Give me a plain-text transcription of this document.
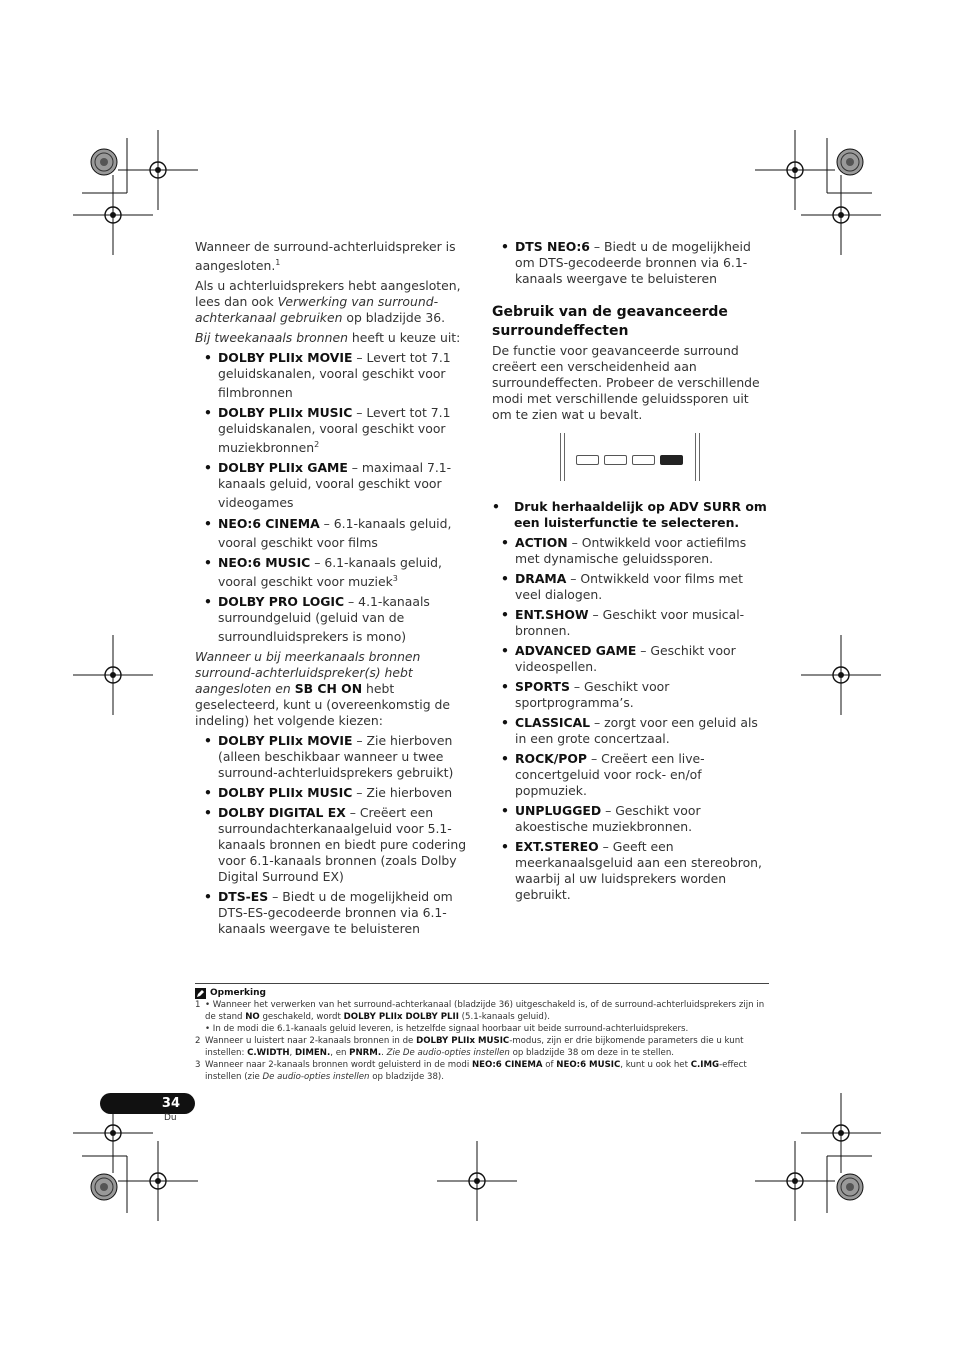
Wanneer de surround-achterluidspreker is aangesloten.$^1$

Als u achterluidsprekers hebt aangesloten, lees dan ook Verwerking van surround-achterkanaal gebruiken op bladzijde 36.

Bij tweekanaals bronnen heeft u keuze uit:

• DOLBY PLIIx MOVIE – Levert tot 7.1 geluidskanalen, vooral geschikt voor filmbronnen
• DOLBY PLIIx MUSIC – Levert tot 7.1 geluidskanalen, vooral geschikt voor muziekbronnen$^2$
• DOLBY PLIIx GAME – maximaal 7.1-kanaals geluid, vooral geschikt voor videogames
• NEO:6 CINEMA – 6.1-kanaals geluid, vooral geschikt voor films
• NEO:6 MUSIC – 6.1-kanaals geluid, vooral geschikt voor muziek$^3$
• DOLBY PRO LOGIC – 4.1-kanaals surroundgeluid (geluid van de surroundluidsprekers is mono)

Wanneer u bij meerkanaals bronnen surround-achterluidspreker(s) hebt aangesloten en SB CH ON hebt geselecteerd, kunt u (overeenkomstig de indeling) het volgende kiezen:

• DOLBY PLIIx MOVIE – Zie hierboven (alleen beschikbaar wanneer u twee surround-achterluidsprekers gebruikt)
• DOLBY PLIIx MUSIC – Zie hierboven
• DOLBY DIGITAL EX – Creëert een surroundachterkanaalgeluid voor 5.1-kanaals bronnen en biedt pure codering voor 6.1-kanaals bronnen (zoals Dolby Digital Surround EX)
• DTS-ES – Biedt u de mogelijkheid om DTS-ES-gecodeerde bronnen via 6.1-kanaals weergave te beluisteren
• DTS NEO:6 – Biedt u de mogelijkheid om DTS-gecodeerde bronnen via 6.1-kanaals weergave te beluisteren
Gebruik van de geavanceerde surroundeffecten

De functie voor geavanceerde surround creëert een verscheidenheid aan surroundeffecten. Probeer de verschillende modi met verschillende geluidssporen uit om te zien wat u bevalt.

• Druk herhaaldelijk op ADV SURR om een luisterfunctie te selecteren.

• ACTION – Ontwikkeld voor actiefilms met dynamische geluidssporen.
• DRAMA – Ontwikkeld voor films met veel dialogen.
• ENT.SHOW – Geschikt voor musical-bronnen.
• ADVANCED GAME – Geschikt voor videospellen.
• SPORTS – Geschikt voor sportprogramma’s.
• CLASSICAL – zorgt voor een geluid als in een grote concertzaal.
• ROCK/POP – Creëert een live-concertgeluid voor rock- en/of popmuziek.
• UNPLUGGED – Geschikt voor akoestische muziekbronnen.
• EXT.STEREO – Geeft een meerkanaalsgeluid aan een stereobron, waarbij al uw luidsprekers worden gebruikt.
Opmerking
1 • Wanneer het verwerken van het surround-achterkanaal (bladzijde 36) uitgeschakeld is, of de surround-achterluidsprekers zijn in de stand NO geschakeld, wordt DOLBY PLIIx DOLBY PLII (5.1-kanaals geluid).
• In de modi die 6.1-kanaals geluid leveren, is hetzelfde signaal hoorbaar uit beide surround-achterluidsprekers.
2 Wanneer u luistert naar 2-kanaals bronnen in de DOLBY PLIIx MUSIC-modus, zijn er drie bijkomende parameters die u kunt instellen: C.WIDTH, DIMEN., en PNRM.. Zie De audio-opties instellen op bladzijde 38 om deze in te stellen.
3 Wanneer naar 2-kanaals bronnen wordt geluisterd in de modi NEO:6 CINEMA of NEO:6 MUSIC, kunt u ook het C.IMG-effect instellen (zie De audio-opties instellen op bladzijde 38).
34
Du
